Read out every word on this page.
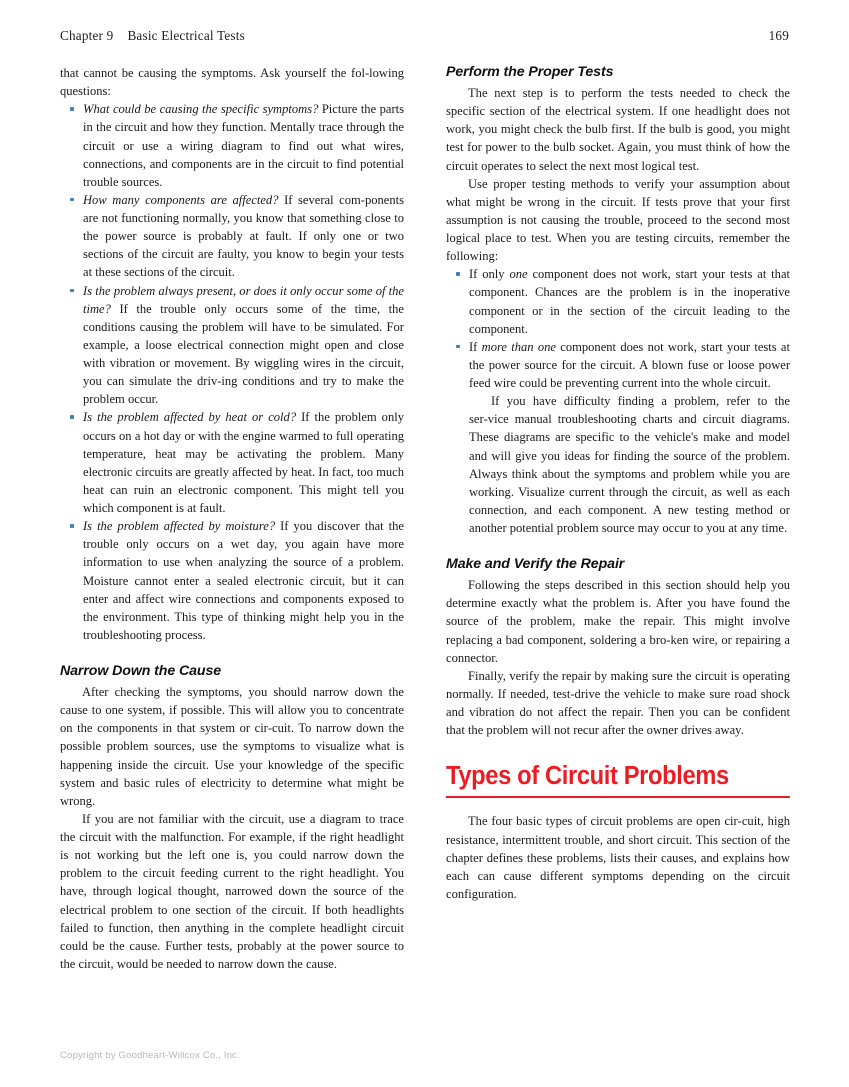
Chapter 9 Basic Electrical Tests	169

that cannot be causing the symptoms. Ask yourself the fol‑lowing questions:

What could be causing the specific symptoms? Picture the parts in the circuit and how they function. Mentally trace through the circuit or use a wiring diagram to find out what wires, connections, and components are in the circuit to find potential trouble sources.
How many components are affected? If several com‑ponents are not functioning normally, you know that something close to the power source is probably at fault. If only one or two sections of the circuit are faulty, you know to begin your tests at these sections of the circuit.
Is the problem always present, or does it only occur some of the time? If the trouble only occurs some of the time, the conditions causing the problem will have to be simulated. For example, a loose electrical connection might open and close with vibration or movement. By wiggling wires in the circuit, you can simulate the driv‑ing conditions and try to make the problem occur.
Is the problem affected by heat or cold? If the problem only occurs on a hot day or with the engine warmed to full operating temperature, heat may be activating the problem. Many electronic circuits are greatly affected by heat. In fact, too much heat can ruin an electronic component. This might tell you which component is at fault.
Is the problem affected by moisture? If you discover that the trouble only occurs on a wet day, you again have more information to use when analyzing the source of a problem. Moisture cannot enter a sealed electronic circuit, but it can enter and affect wire connections and components exposed to the environment. This type of thinking might help you in the troubleshooting process.
Narrow Down the Cause

After checking the symptoms, you should narrow down the cause to one system, if possible. This will allow you to concentrate on the components in that system or cir‑cuit. To narrow down the possible problem sources, use the symptoms to visualize what is happening inside the circuit. Use your knowledge of the specific system and basic rules of electricity to determine what might be wrong.

If you are not familiar with the circuit, use a diagram to trace the circuit with the malfunction. For example, if the right headlight is not working but the left one is, you could narrow down the problem to the circuit feeding current to the right headlight. You have, through logical thought, narrowed down the source of the electrical problem to one section of the circuit. If both headlights failed to function, then anything in the complete headlight circuit could be the cause. Further tests, probably at the power source to the circuit, would be needed to narrow down the cause.

Perform the Proper Tests

The next step is to perform the tests needed to check the specific section of the electrical system. If one headlight does not work, you might check the bulb first. If the bulb is good, you might test for power to the bulb socket. Again, you must think of how the circuit operates to select the next most logical test.

Use proper testing methods to verify your assumption about what might be wrong in the circuit. If tests prove that your first assumption is not causing the trouble, proceed to the second most logical place to test. When you are testing circuits, remember the following:

If only one component does not work, start your tests at that component. Chances are the problem is in the inoperative component or in the section of the circuit leading to the component.
If more than one component does not work, start your tests at the power source for the circuit. A blown fuse or loose power feed wire could be preventing current into the whole circuit.

If you have difficulty finding a problem, refer to the ser‑vice manual troubleshooting charts and circuit diagrams. These diagrams are specific to the vehicle's make and model and will give you ideas for finding the source of the problem. Always think about the symptoms and problem while you are working. Visualize current through the circuit, as well as each connection, and each component. A new testing method or another potential problem source may occur to you at any time.

Make and Verify the Repair

Following the steps described in this section should help you determine exactly what the problem is. After you have found the source of the problem, make the repair. This might involve replacing a bad component, soldering a bro‑ken wire, or repairing a connector.

Finally, verify the repair by making sure the circuit is operating normally. If needed, test-drive the vehicle to make sure road shock and vibration do not affect the repair. Then you can be confident that the problem will not recur after the owner drives away.

Types of Circuit Problems

The four basic types of circuit problems are open cir‑cuit, high resistance, intermittent trouble, and short circuit. This section of the chapter defines these problems, lists their causes, and explains how each can cause different symptoms depending on the circuit configuration.

Copyright by Goodheart-Willcox Co., Inc.
